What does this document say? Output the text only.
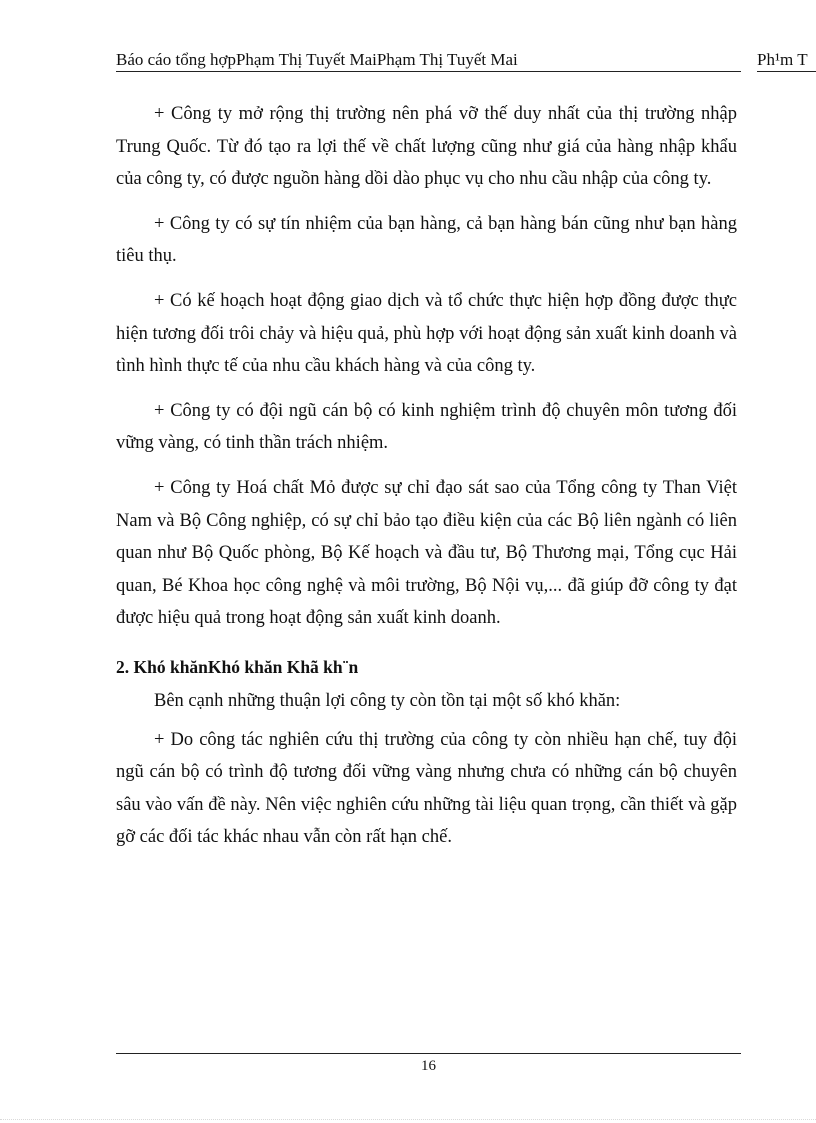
Báo cáo tổng hợpPhạm Thị Tuyết MaiPhạm Thị Tuyết Mai	Ph¹m T

+ Công ty mở rộng thị trường nên phá vỡ thế duy nhất của thị trường nhập Trung Quốc. Từ đó tạo ra lợi thế về chất lượng cũng như giá của hàng nhập khẩu của công ty, có được nguồn hàng dồi dào phục vụ cho nhu cầu nhập của công ty.

+ Công ty có sự tín nhiệm của bạn hàng, cả bạn hàng bán cũng như bạn hàng tiêu thụ.

+ Có kế hoạch hoạt động giao dịch và tổ chức thực hiện hợp đồng được thực hiện tương đối trôi chảy và hiệu quả, phù hợp với hoạt động sản xuất kinh doanh và tình hình thực tế của nhu cầu khách hàng và của công ty.

+ Công ty có đội ngũ cán bộ có kinh nghiệm trình độ chuyên môn tương đối vững vàng, có tinh thần trách nhiệm.

+ Công ty Hoá chất Mỏ được sự chỉ đạo sát sao của Tổng công ty Than Việt Nam và Bộ Công nghiệp, có sự chỉ bảo tạo điều kiện của các Bộ liên ngành có liên quan như Bộ Quốc phòng, Bộ Kế hoạch và đầu tư, Bộ Thương mại, Tổng cục Hải quan, Bé Khoa học công nghệ và môi trường, Bộ Nội vụ,... đã giúp đỡ công ty đạt được hiệu quả trong hoạt động sản xuất kinh doanh.

2. Khó khănKhó khăn Khã kh¨n

Bên cạnh những thuận lợi công ty còn tồn tại một số khó khăn:

+ Do công tác nghiên cứu thị trường của công ty còn nhiều hạn chế, tuy đội ngũ cán bộ có trình độ tương đối vững vàng nhưng chưa có những cán bộ chuyên sâu vào vấn đề này. Nên việc nghiên cứu những tài liệu quan trọng, cần thiết và gặp gỡ các đối tác khác nhau vẫn còn rất hạn chế.

16
